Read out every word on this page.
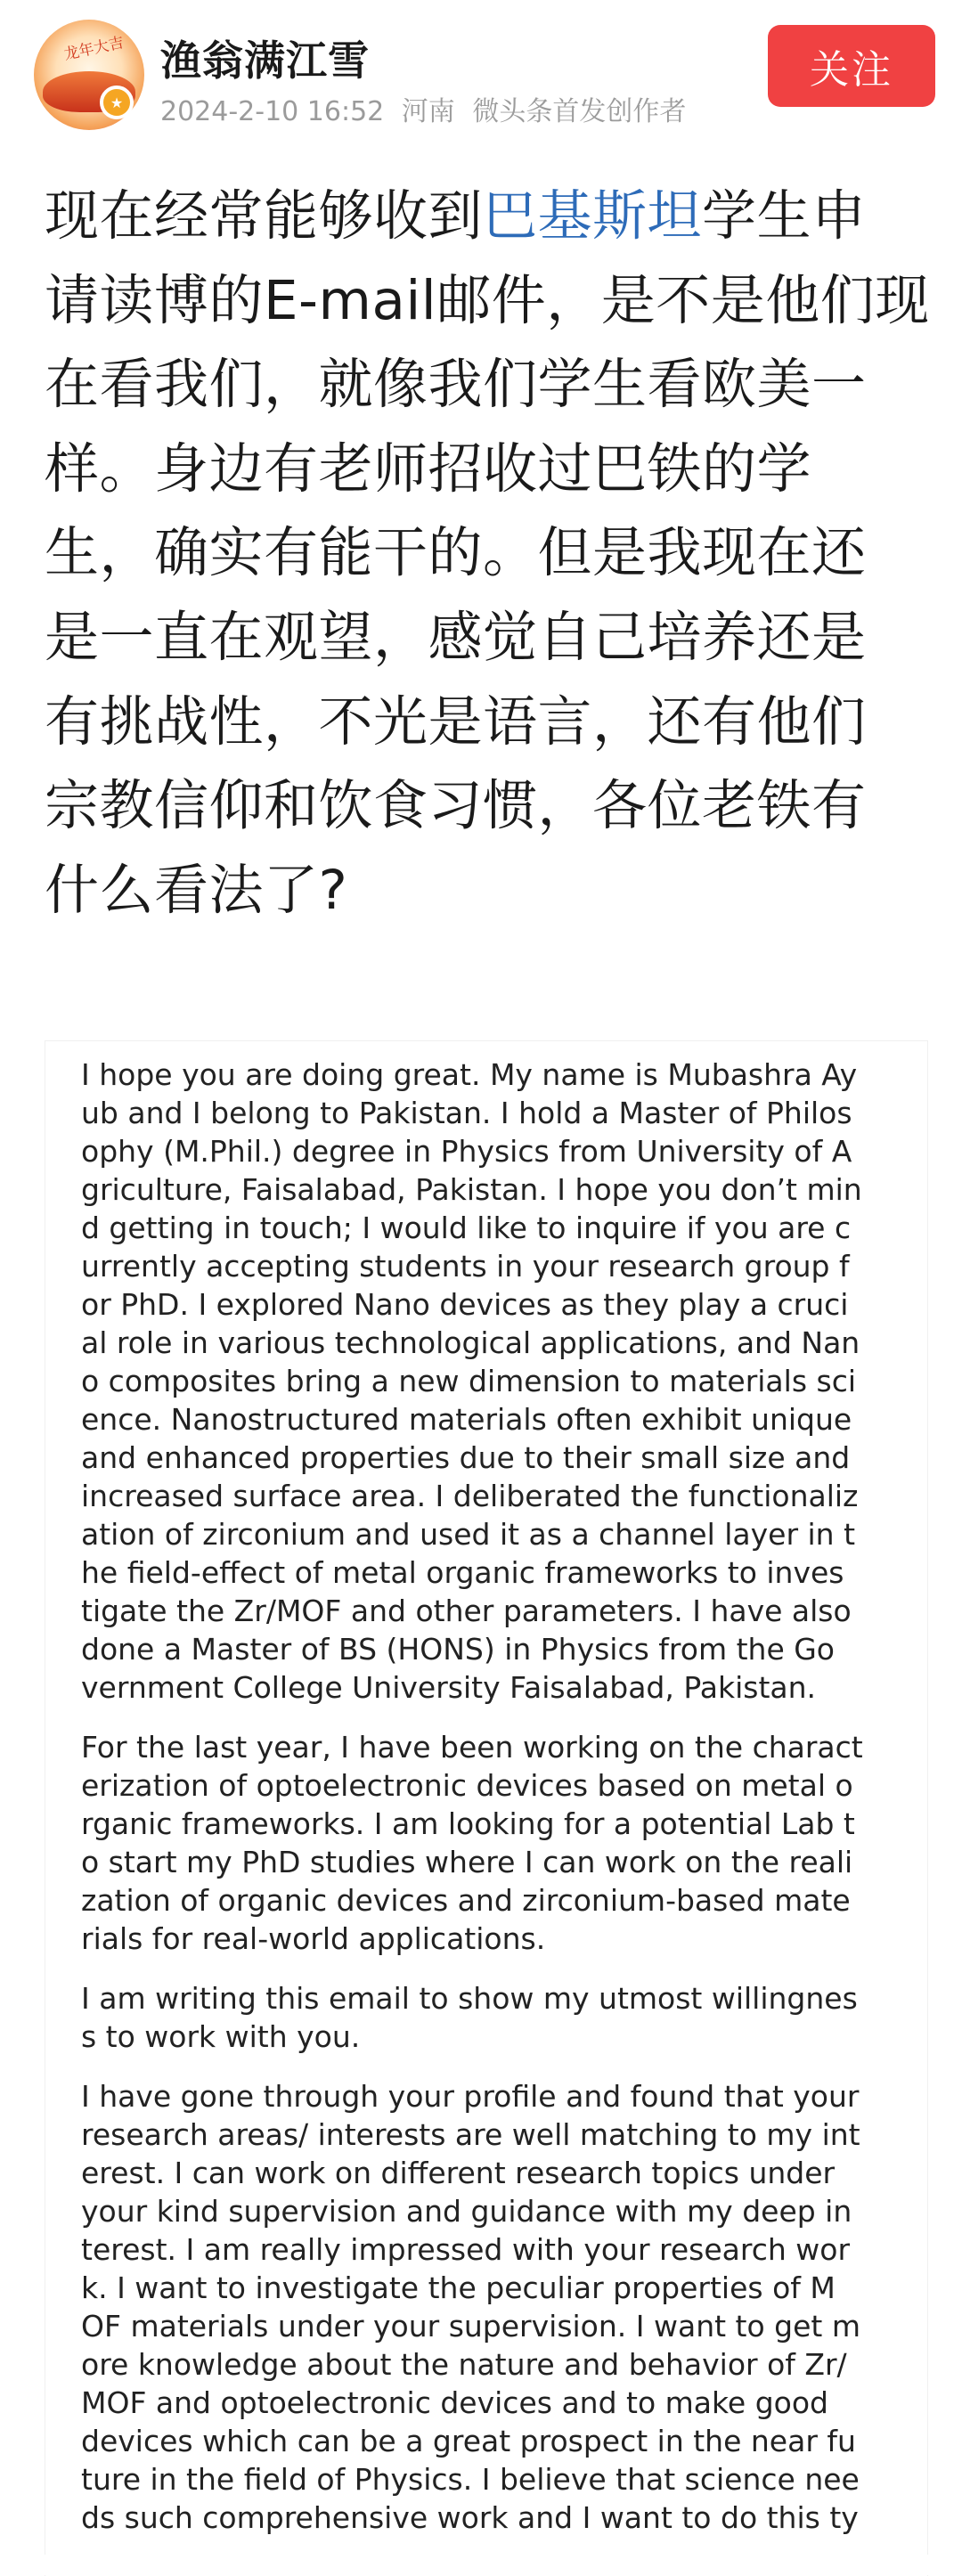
龙年大吉
★
渔翁满江雪
2024-2-10 16:52 河南 微头条首发创作者
关注
现在经常能够收到巴基斯坦学生申
请读博的E-mail邮件，是不是他们现
在看我们，就像我们学生看欧美一
样。身边有老师招收过巴铁的学
生，确实有能干的。但是我现在还
是一直在观望，感觉自己培养还是
有挑战性，不光是语言，还有他们
宗教信仰和饮食习惯，各位老铁有
什么看法了?
I hope you are doing great. My name is Mubashra Ay
ub and I belong to Pakistan. I hold a Master of Philos
ophy (M.Phil.) degree in Physics from University of A
griculture, Faisalabad, Pakistan. I hope you don’t min
d getting in touch; I would like to inquire if you are c
urrently accepting students in your research group f
or PhD. I explored Nano devices as they play a cruci
al role in various technological applications, and Nan
o composites bring a new dimension to materials sci
ence. Nanostructured materials often exhibit unique
and enhanced properties due to their small size and
increased surface area. I deliberated the functionaliz
ation of zirconium and used it as a channel layer in t
he field-effect of metal organic frameworks to inves
tigate the Zr/MOF and other parameters. I have also
done a Master of BS (HONS) in Physics from the Go
vernment College University Faisalabad, Pakistan.
For the last year, I have been working on the charact
erization of optoelectronic devices based on metal o
rganic frameworks. I am looking for a potential Lab t
o start my PhD studies where I can work on the reali
zation of organic devices and zirconium-based mate
rials for real-world applications.
I am writing this email to show my utmost willingnes
s to work with you.
I have gone through your profile and found that your
research areas/ interests are well matching to my int
erest. I can work on different research topics under
your kind supervision and guidance with my deep in
terest. I am really impressed with your research wor
k. I want to investigate the peculiar properties of M
OF materials under your supervision. I want to get m
ore knowledge about the nature and behavior of Zr/
MOF and optoelectronic devices and to make good
devices which can be a great prospect in the near fu
ture in the field of Physics. I believe that science nee
ds such comprehensive work and I want to do this ty
